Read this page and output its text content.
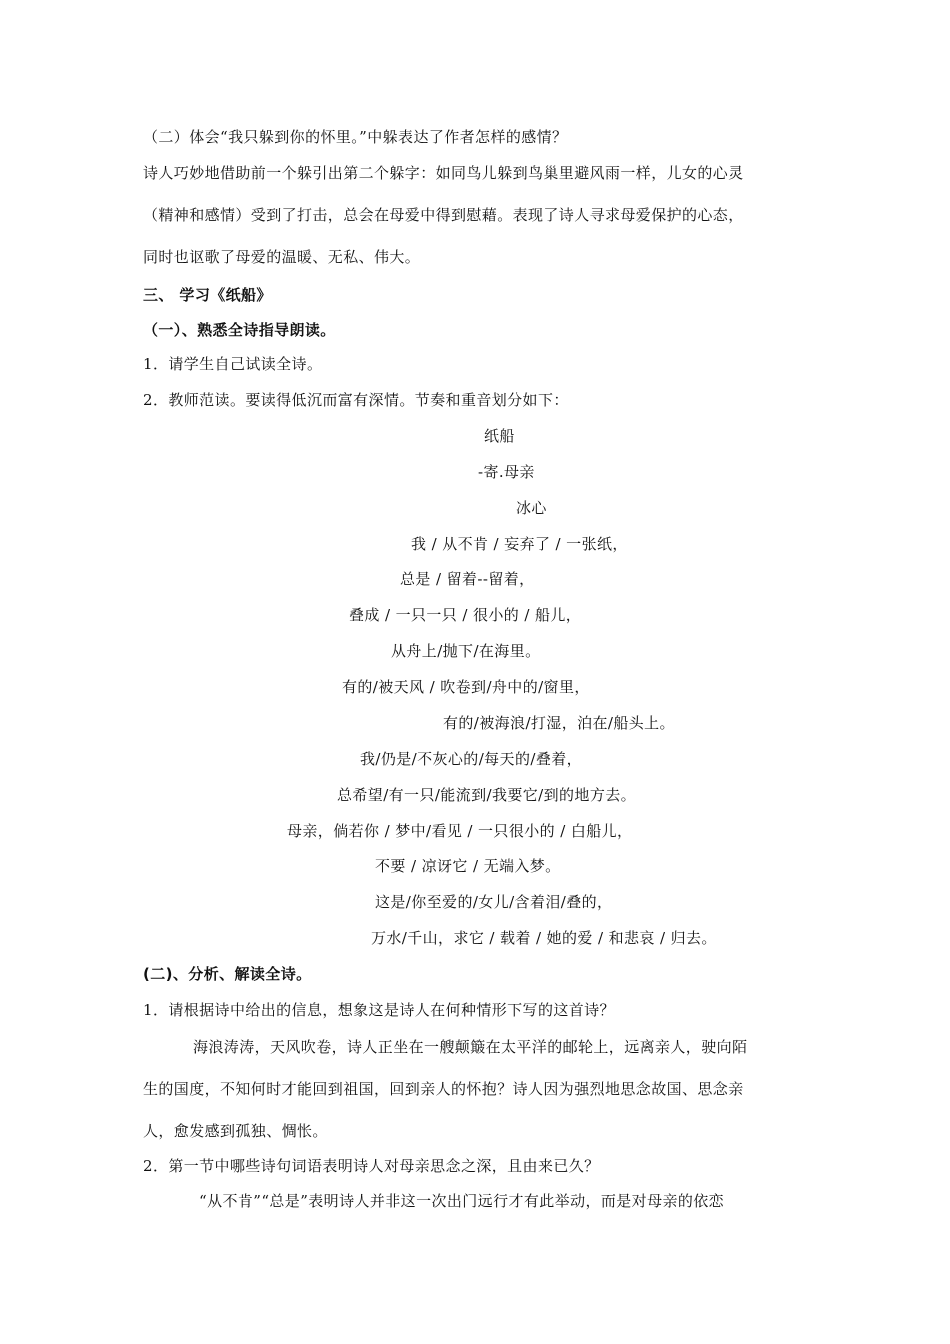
（二）体会“我只躲到你的怀里。”中躲表达了作者怎样的感情？
诗人巧妙地借助前一个躲引出第二个躲字：如同鸟儿躲到鸟巢里避风雨一样，儿女的心灵
（精神和感情）受到了打击，总会在母爱中得到慰藉。表现了诗人寻求母爱保护的心态，
同时也讴歌了母爱的温暖、无私、伟大。
三、 学习《纸船》
（一）、熟悉全诗指导朗读。
1．请学生自己试读全诗。
2．教师范读。要读得低沉而富有深情。节奏和重音划分如下：
纸船
-寄.母亲
冰心
我 / 从不肯 / 妄弃了 / 一张纸，
总是 / 留着--留着，
叠成 / 一只一只 / 很小的 / 船儿，
从舟上/抛下/在海里。
有的/被天风 / 吹卷到/舟中的/窗里，
有的/被海浪/打湿，泊在/船头上。
我/仍是/不灰心的/每天的/叠着，
总希望/有一只/能流到/我要它/到的地方去。
母亲，倘若你 / 梦中/看见 / 一只很小的 / 白船儿，
不要 / 凉讶它 / 无端入梦。
这是/你至爱的/女儿/含着泪/叠的，
万水/千山，求它 / 载着 / 她的爱 / 和悲哀 / 归去。
(二)、分析、解读全诗。
1．请根据诗中给出的信息，想象这是诗人在何种情形下写的这首诗？
海浪涛涛，天风吹卷，诗人正坐在一艘颠簸在太平洋的邮轮上，远离亲人，驶向陌
生的国度，不知何时才能回到祖国，回到亲人的怀抱？诗人因为强烈地思念故国、思念亲
人，愈发感到孤独、惆怅。
2．第一节中哪些诗句词语表明诗人对母亲思念之深，且由来已久？
“从不肯”“总是”表明诗人并非这一次出门远行才有此举动，而是对母亲的依恋
